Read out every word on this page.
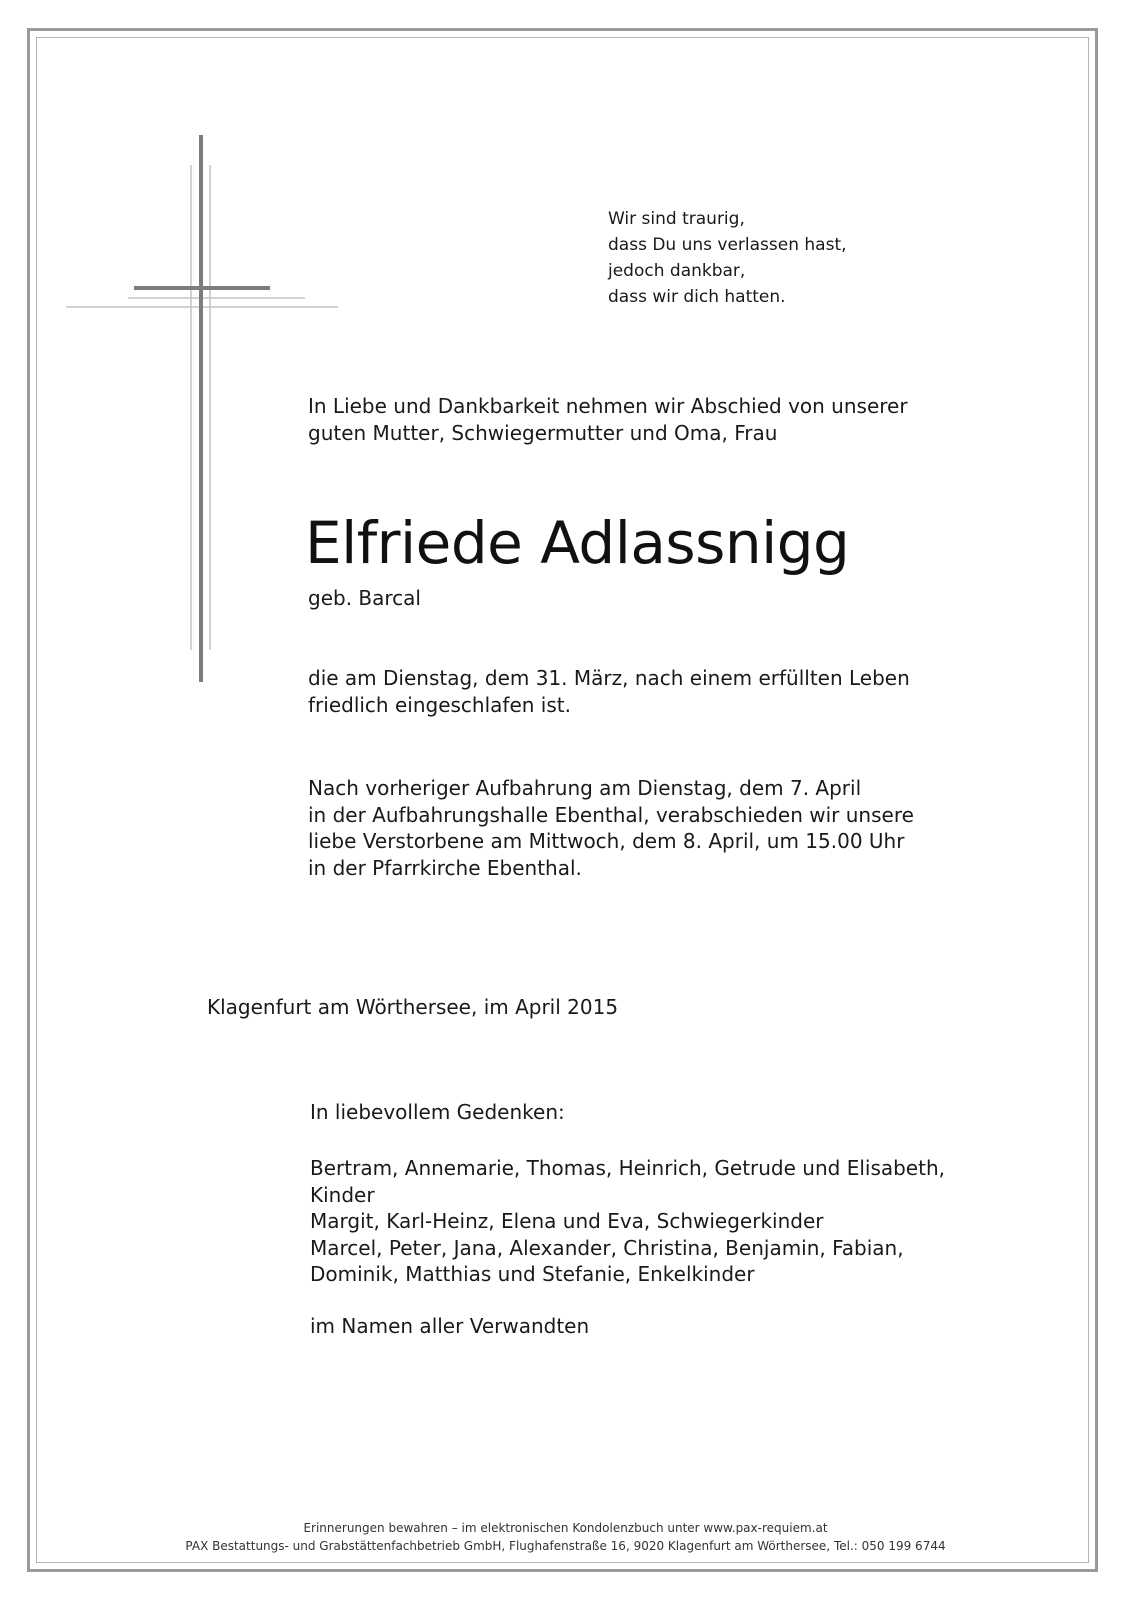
Wir sind traurig,
dass Du uns verlassen hast,
jedoch dankbar,
dass wir dich hatten.

In Liebe und Dankbarkeit nehmen wir Abschied von unserer
guten Mutter, Schwiegermutter und Oma, Frau

Elfriede Adlassnigg

geb. Barcal

die am Dienstag, dem 31. März, nach einem erfüllten Leben
friedlich eingeschlafen ist.

Nach vorheriger Aufbahrung am Dienstag, dem 7. April
in der Aufbahrungshalle Ebenthal, verabschieden wir unsere
liebe Verstorbene am Mittwoch, dem 8. April, um 15.00 Uhr
in der Pfarrkirche Ebenthal.

Klagenfurt am Wörthersee, im April 2015

In liebevollem Gedenken:

Bertram, Annemarie, Thomas, Heinrich, Getrude und Elisabeth,
Kinder
Margit, Karl-Heinz, Elena und Eva, Schwiegerkinder
Marcel, Peter, Jana, Alexander, Christina, Benjamin, Fabian,
Dominik, Matthias und Stefanie, Enkelkinder

im Namen aller Verwandten

Erinnerungen bewahren – im elektronischen Kondolenzbuch unter www.pax-requiem.at

PAX Bestattungs- und Grabstättenfachbetrieb GmbH, Flughafenstraße 16, 9020 Klagenfurt am Wörthersee, Tel.: 050 199 6744
